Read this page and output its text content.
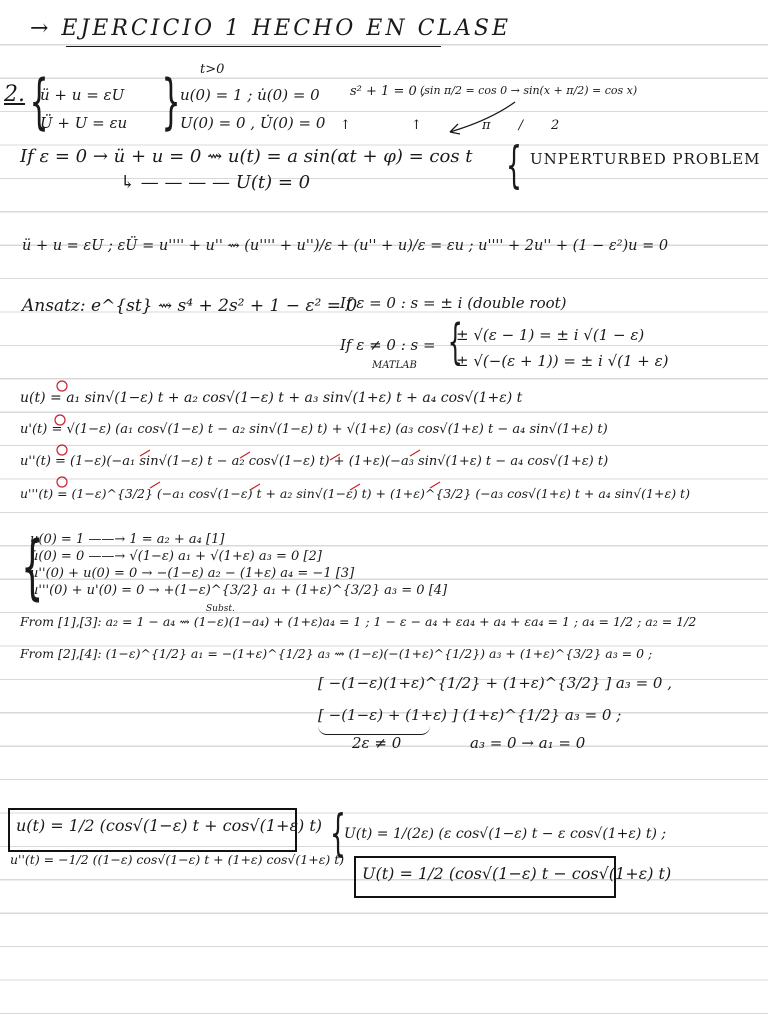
→ EJERCICIO 1 HECHO EN CLASE
t>0
2. {
ü + u = εU
Ü + U = εu } u(0) = 1 ; u̇(0) = 0
U(0) = 0 , U̇(0) = 0
s² + 1 = 0 ,
(sin π/2 = cos 0 → sin(x + π/2) = cos x)
↑ ↑ π/2
If ε = 0 → ü + u = 0 ⇝ u(t) = a sin(αt + φ) = cos t
↳ — — — — U(t) = 0	{ UNPERTURBED PROBLEM
ü + u = εU ; εÜ = u'''' + u'' ⇝ (u'''' + u'')/ε + (u'' + u)/ε = εu ; u'''' + 2u'' + (1 − ε²)u = 0
Ansatz: e^{st} ⇝ s⁴ + 2s² + 1 − ε² = 0
If ε = 0 : s = ± i (double root)
If ε ≠ 0 : s = {
± √(ε − 1) = ± i √(1 − ε)
± √(−(ε + 1)) = ± i √(1 + ε)
MATLAB
u(t) = a₁ sin√(1−ε) t + a₂ cos√(1−ε) t + a₃ sin√(1+ε) t + a₄ cos√(1+ε) t
u'(t) = √(1−ε) (a₁ cos√(1−ε) t − a₂ sin√(1−ε) t) + √(1+ε) (a₃ cos√(1+ε) t − a₄ sin√(1+ε) t)
u''(t) = (1−ε)(−a₁ sin√(1−ε) t − a₂ cos√(1−ε) t) + (1+ε)(−a₃ sin√(1+ε) t − a₄ cos√(1+ε) t)
u'''(t) = (1−ε)^{3/2} (−a₁ cos√(1−ε) t + a₂ sin√(1−ε) t) + (1+ε)^{3/2} (−a₃ cos√(1+ε) t + a₄ sin√(1+ε) t)
{
u(0) = 1 ——→ 1 = a₂ + a₄ [1]
u̇(0) = 0 ——→ √(1−ε) a₁ + √(1+ε) a₃ = 0 [2]
u''(0) + u(0) = 0 → −(1−ε) a₂ − (1+ε) a₄ = −1 [3]
u'''(0) + u'(0) = 0 → +(1−ε)^{3/2} a₁ + (1+ε)^{3/2} a₃ = 0 [4]
From [1],[3]: a₂ = 1 − a₄ ⇝ (1−ε)(1−a₄) + (1+ε)a₄ = 1 ; 1 − ε − a₄ + εa₄ + a₄ + εa₄ = 1 ; a₄ = 1/2 ; a₂ = 1/2
Subst.
From [2],[4]: (1−ε)^{1/2} a₁ = −(1+ε)^{1/2} a₃ ⇝ (1−ε)(−(1+ε)^{1/2}) a₃ + (1+ε)^{3/2} a₃ = 0 ;
[ −(1−ε)(1+ε)^{1/2} + (1+ε)^{3/2} ] a₃ = 0 ,
[ −(1−ε) + (1+ε) ] (1+ε)^{1/2} a₃ = 0 ;
2ε ≠ 0	a₃ = 0 → a₁ = 0
u(t) = 1/2 (cos√(1−ε) t + cos√(1+ε) t)
u''(t) = −1/2 ((1−ε) cos√(1−ε) t + (1+ε) cos√(1+ε) t)
{
U(t) = 1/(2ε) (ε cos√(1−ε) t − ε cos√(1+ε) t) ;
U(t) = 1/2 (cos√(1−ε) t − cos√(1+ε) t)
